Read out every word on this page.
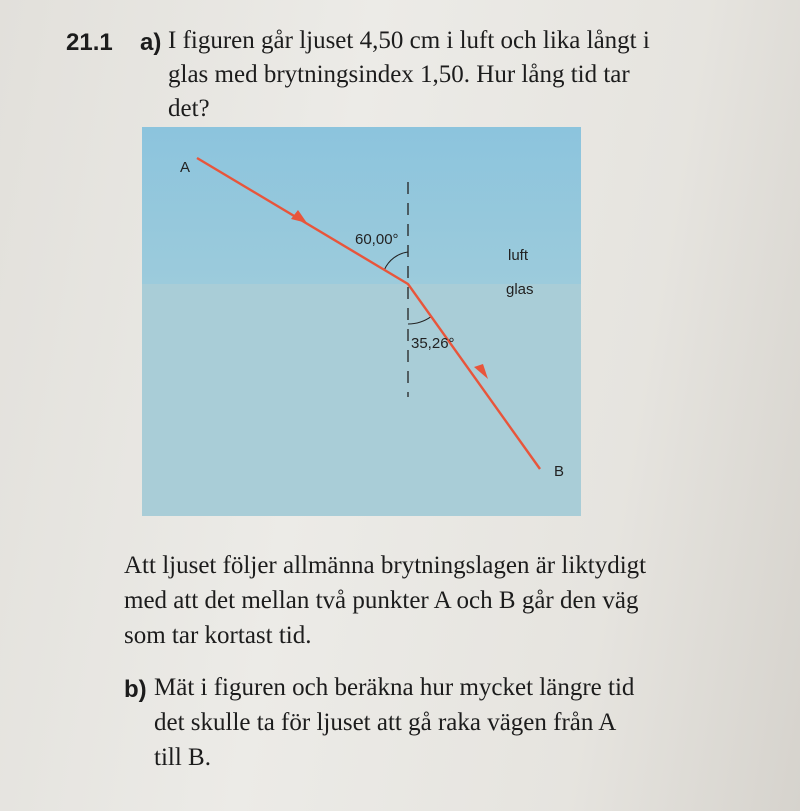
21.1 a) I figuren går ljuset 4,50 cm i luft och lika långt i
glas med brytningsindex 1,50. Hur lång tid tar
det?
A
B
60,00°
35,26°
luft
glas
Att ljuset följer allmänna brytningslagen är liktydigt
med att det mellan två punkter A och B går den väg
som tar kortast tid.
b) Mät i figuren och beräkna hur mycket längre tid
det skulle ta för ljuset att gå raka vägen från A
till B.
